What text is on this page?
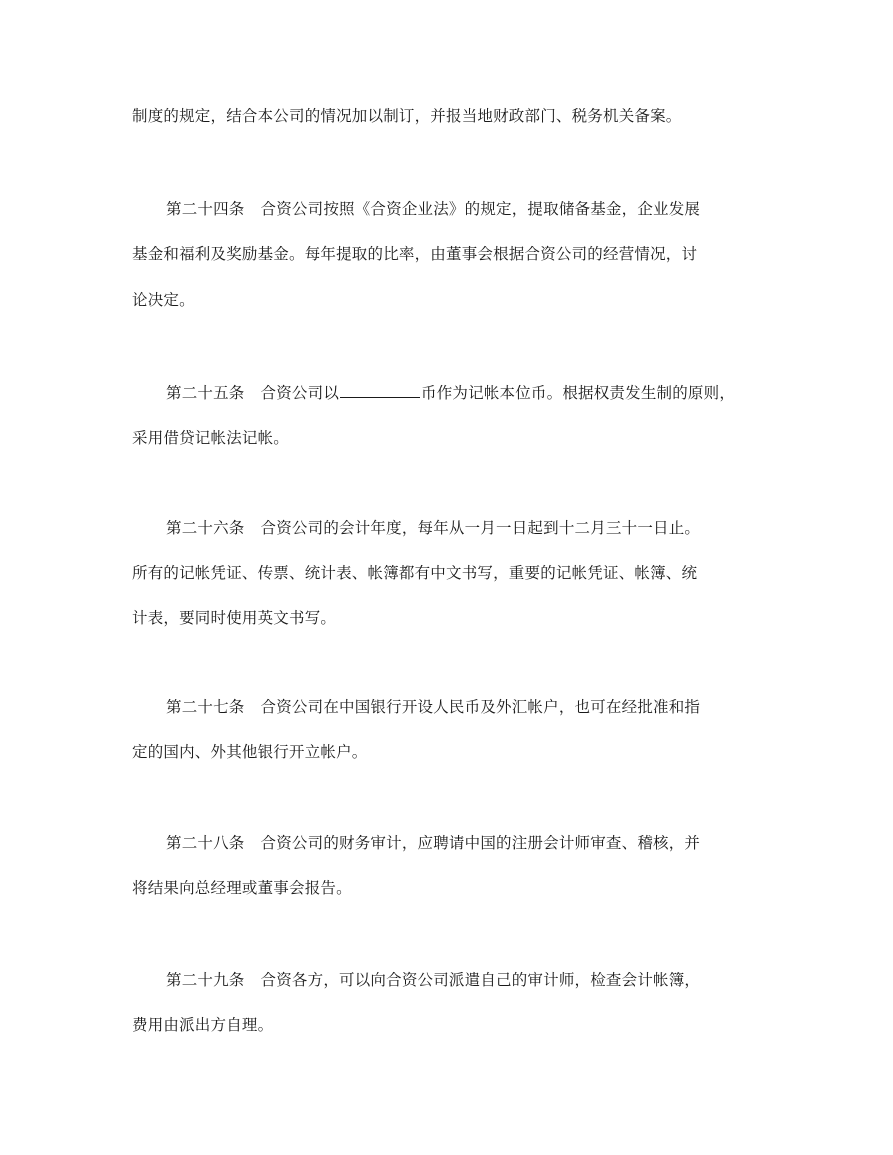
制度的规定，结合本公司的情况加以制订，并报当地财政部门、税务机关备案。
第二十四条 合资公司按照《合资企业法》的规定，提取储备基金，企业发展
基金和福利及奖励基金。每年提取的比率，由董事会根据合资公司的经营情况，讨
论决定。
第二十五条 合资公司以	币作为记帐本位币。根据权责发生制的原则，
采用借贷记帐法记帐。
第二十六条 合资公司的会计年度，每年从一月一日起到十二月三十一日止。
所有的记帐凭证、传票、统计表、帐簿都有中文书写，重要的记帐凭证、帐簿、统
计表，要同时使用英文书写。
第二十七条 合资公司在中国银行开设人民币及外汇帐户，也可在经批准和指
定的国内、外其他银行开立帐户。
第二十八条 合资公司的财务审计，应聘请中国的注册会计师审查、稽核，并
将结果向总经理或董事会报告。
第二十九条 合资各方，可以向合资公司派遣自己的审计师，检查会计帐簿，
费用由派出方自理。
